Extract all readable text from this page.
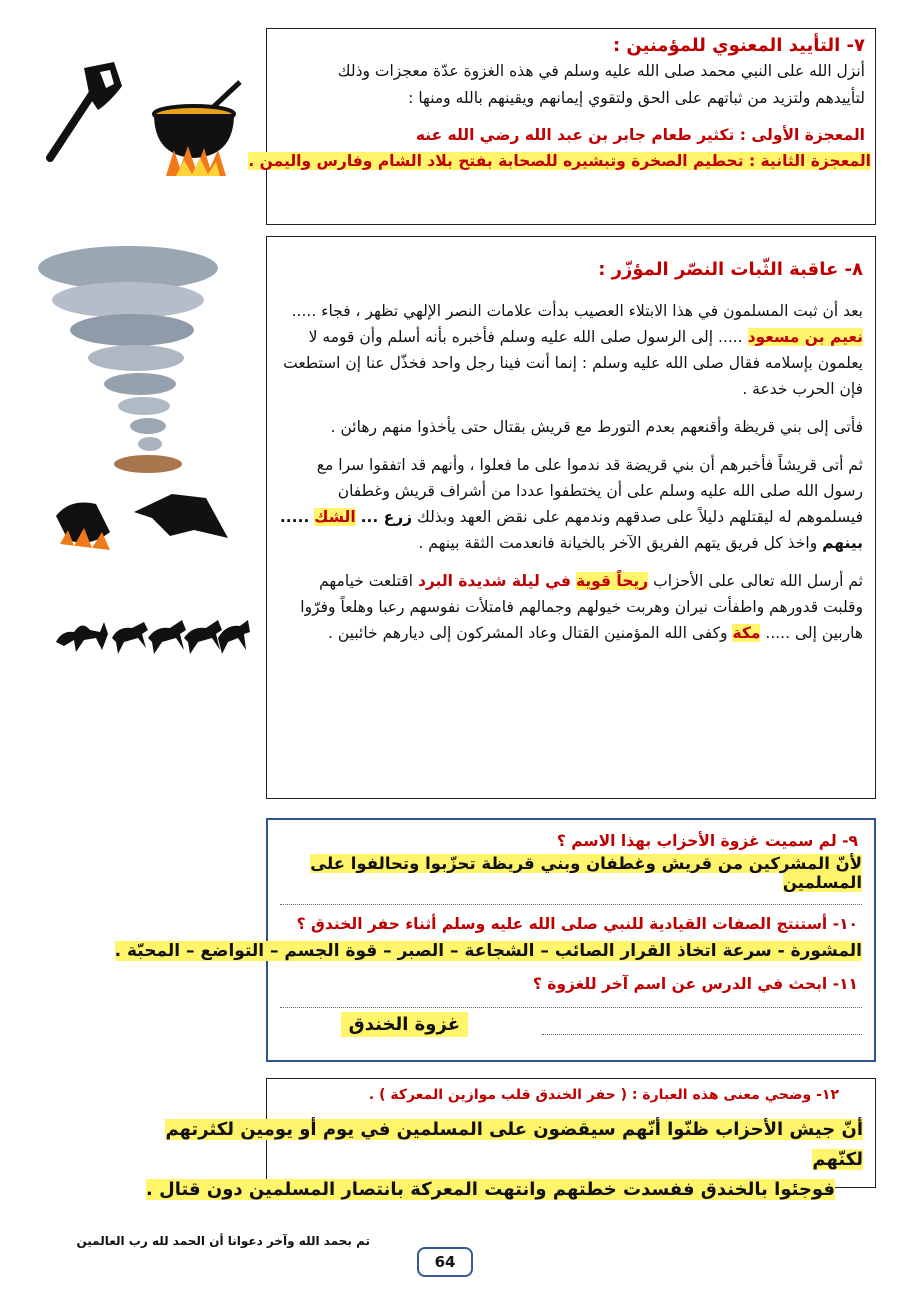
٧- التأييد المعنوي للمؤمنين :

أنزل الله على النبي محمد صلى الله عليه وسلم في هذه الغزوة عدّة معجزات وذلك

لتأييدهم ولتزيد من ثباتهم على الحق ولتقوي إيمانهم ويقينهم بالله ومنها :

المعجزة الأولى : تكثير طعام جابر بن عبد الله رضي الله عنه

المعجزة الثانية : تحطيم الصخرة وتبشيره للصحابة بفتح بلاد الشام وفارس واليمن .

٨- عاقبة الثّبات النصّر المؤزّر :

بعد أن ثبت المسلمون في هذا الابتلاء العصيب بدأت علامات النصر الإلهي تظهر ، فجاء ..... نعيم بن مسعود ..... إلى الرسول صلى الله عليه وسلم فأخبره بأنه أسلم وأن قومه لا يعلمون بإسلامه فقال صلى الله عليه وسلم : إنما أنت فينا رجل واحد فخذّل عنا إن استطعت فإن الحرب خدعة .

فأتى إلى بني قريظة وأقنعهم بعدم التورط مع قريش بقتال حتى يأخذوا منهم رهائن .

ثم أتى قريشاً فأخبرهم أن بني قريضة قد ندموا على ما فعلوا ، وأنهم قد اتفقوا سرا مع رسول الله صلى الله عليه وسلم على أن يختطفوا عددا من أشراف قريش وغطفان فيسلموهم له ليقتلهم دليلاً على صدقهم وندمهم على نقض العهد وبذلك زرع ... الشك ..... بينهم واخذ كل فريق يتهم الفريق الآخر بالخيانة فانعدمت الثقة بينهم .

ثم أرسل الله تعالى على الأحزاب ريحاً قوية في ليلة شديدة البرد اقتلعت خيامهم وقلبت قدورهم واطفأت نيران وهربت خيولهم وجمالهم فامتلأت نفوسهم رعبا وهلعاً وفرّوا هاربين إلى ..... مكة وكفى الله المؤمنين القتال وعاد المشركون إلى ديارهم خائبين .

٩- لم سميت غزوة الأحزاب بهذا الاسم ؟

لأنّ المشركين من قريش وغطفان وبني قريظة تحزّبوا وتحالفوا على المسلمين

١٠- أستنتج الصفات القيادية للنبي صلى الله عليه وسلم أثناء حفر الخندق ؟

المشورة - سرعة اتخاذ القرار الصائب – الشجاعة – الصبر – قوة الجسم – التواضع – المحبّة .

١١- ابحث في الدرس عن اسم آخر للغزوة ؟

غزوة الخندق

١٢- وضحي معنى هذه العبارة : ( حفر الخندق قلب موازين المعركة ) .

أنّ جيش الأحزاب ظنّوا أنّهم سيقضون على المسلمين في يوم أو يومين لكثرتهم لكنّهم
فوجئوا بالخندق ففسدت خطتهم وانتهت المعركة بانتصار المسلمين دون قتال .

تم بحمد الله وآخر دعوانا أن الحمد لله رب العالمين

64
